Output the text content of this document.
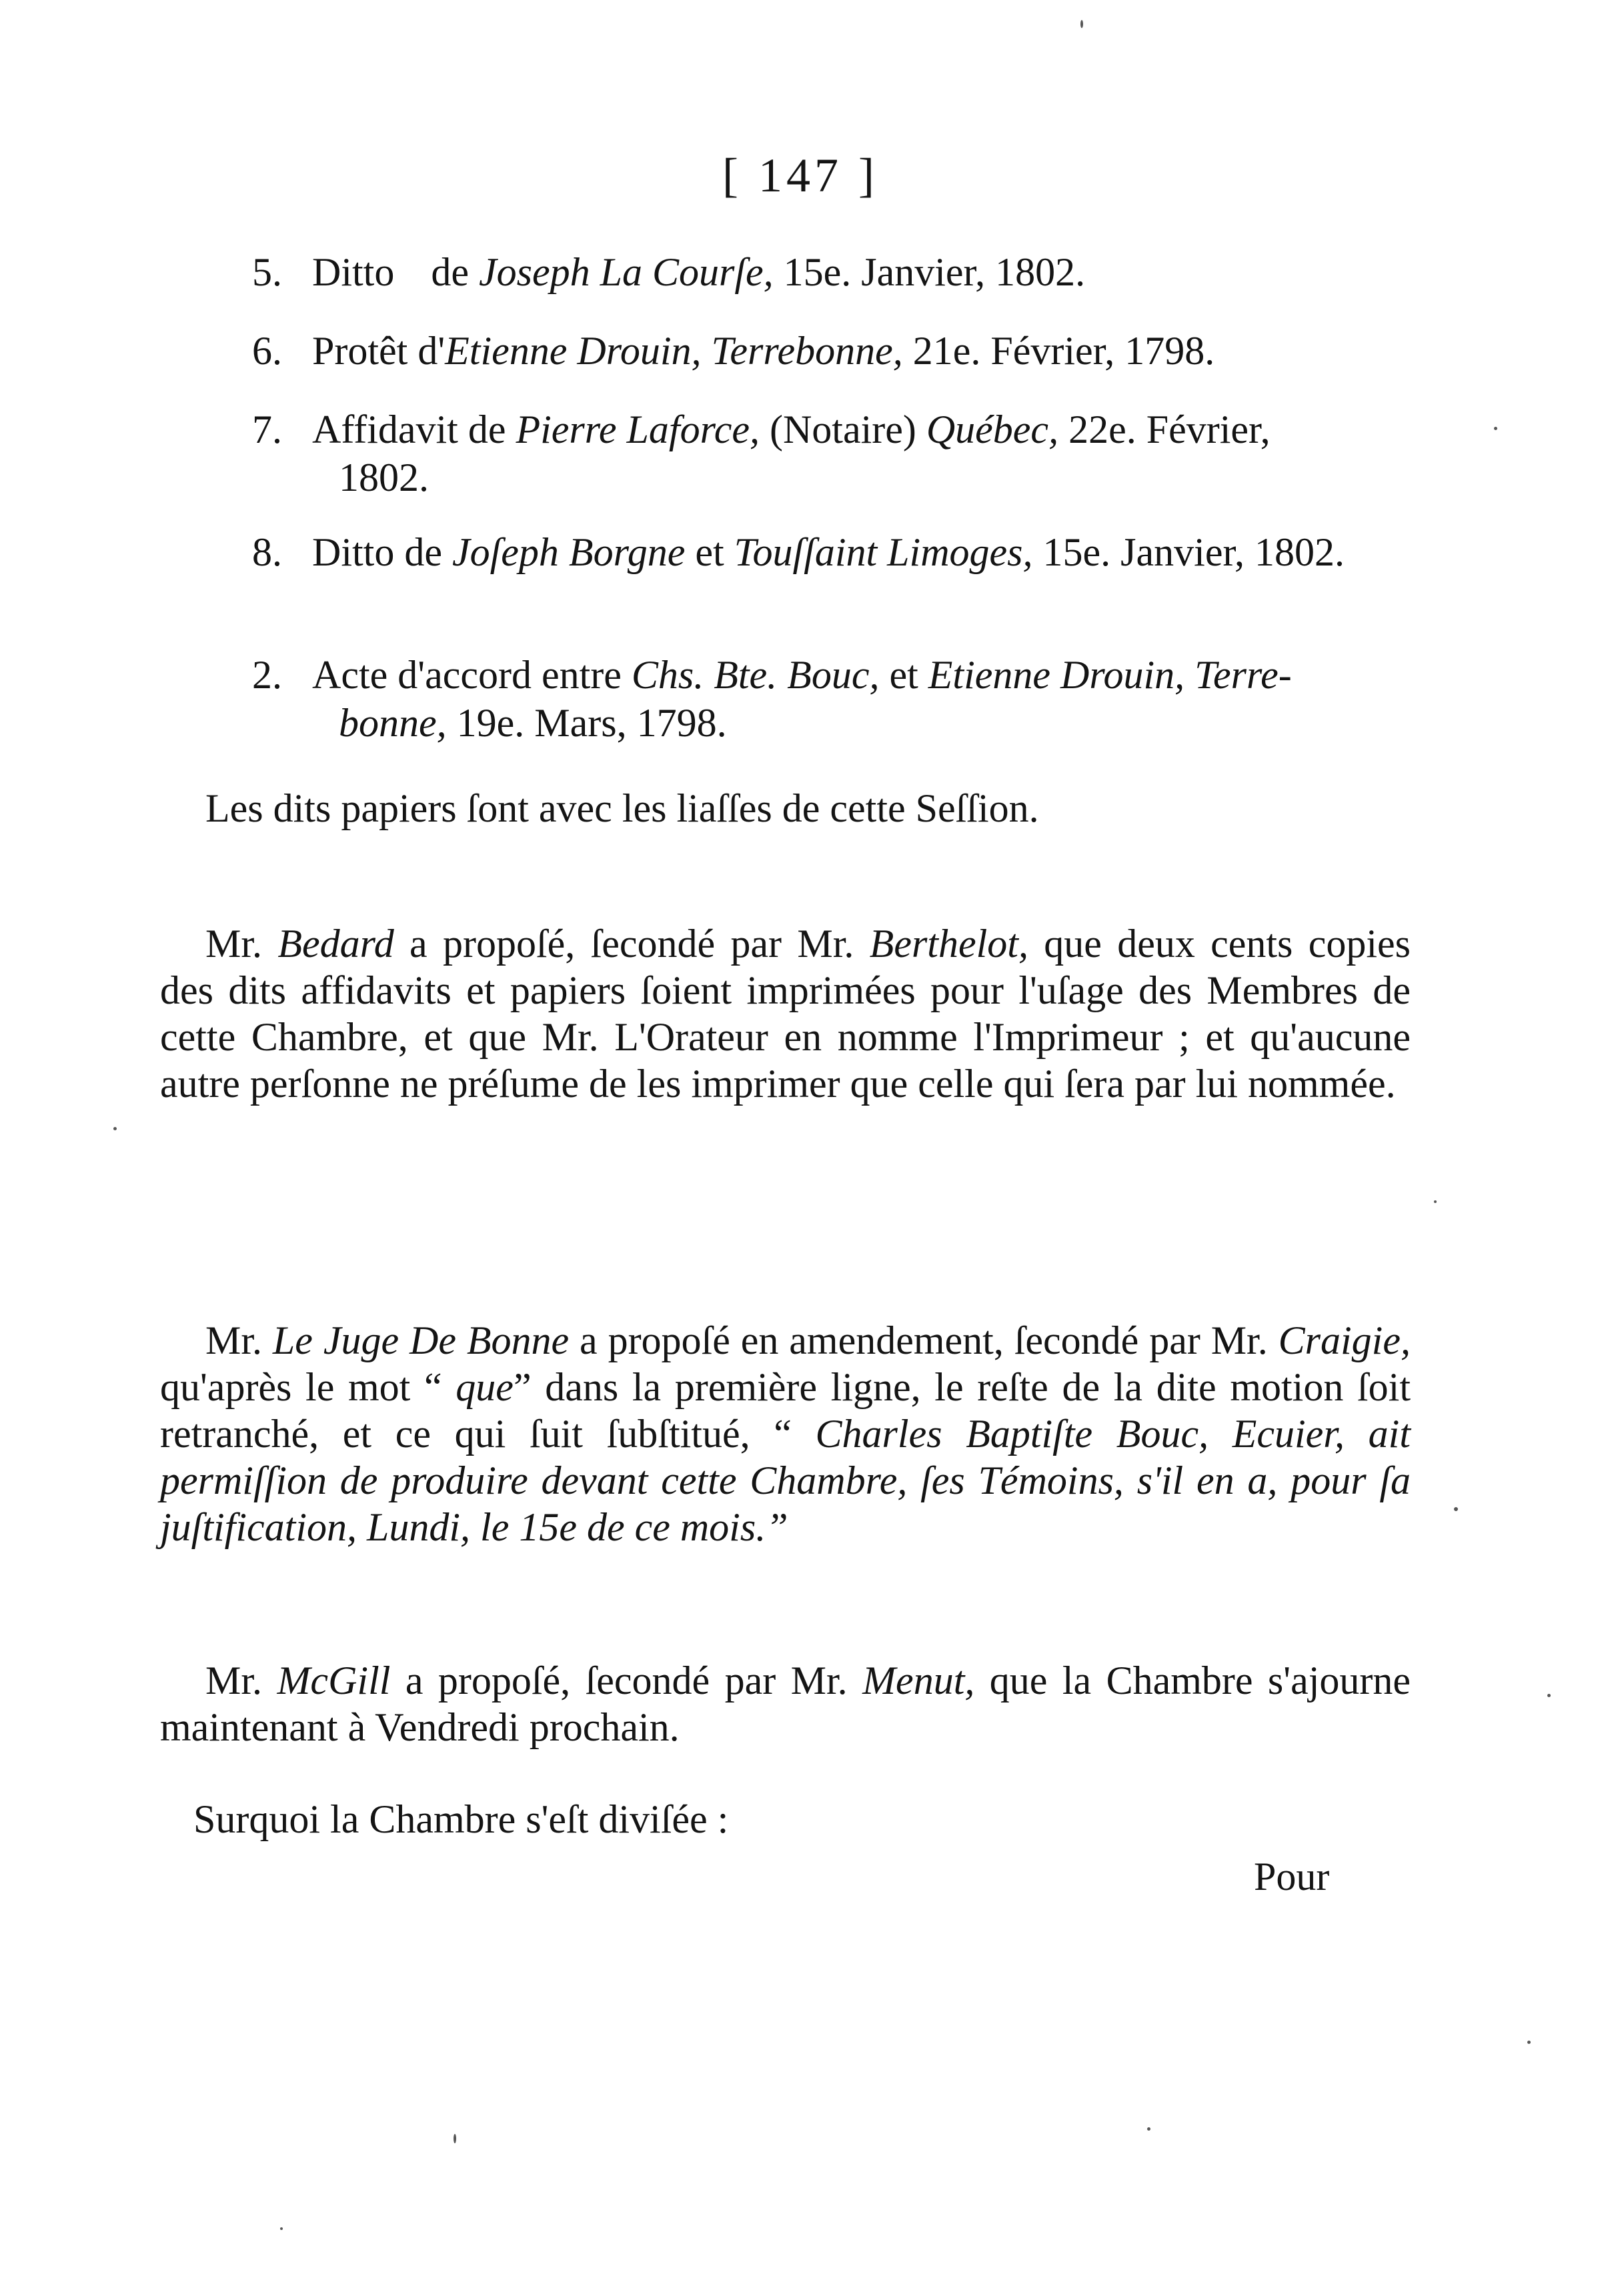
[ 147 ]
5. Ditto de Joseph La Courſe, 15e. Janvier, 1802.
6. Protêt d'Etienne Drouin, Terrebonne, 21e. Février, 1798.
7. Affidavit de Pierre Laforce, (Notaire) Québec, 22e. Février,
1802.
8. Ditto de Joſeph Borgne et Touſſaint Limoges, 15e. Janvier, 1802.
2. Acte d'accord entre Chs. Bte. Bouc, et Etienne Drouin, Terre-
bonne, 19e. Mars, 1798.
Les dits papiers ſont avec les liaſſes de cette Seſſion.
Mr. Bedard a propoſé, ſecondé par Mr. Berthelot, que deux cents copies des dits affidavits et papiers ſoient imprimées pour l'uſage des Membres de cette Chambre, et que Mr. L'Orateur en nomme l'Imprimeur ; et qu'aucune autre perſonne ne préſume de les imprimer que celle qui ſera par lui nommée.
Mr. Le Juge De Bonne a propoſé en amendement, ſecondé par Mr. Craigie, qu'après le mot “ que” dans la première ligne, le reſte de la dite motion ſoit retranché, et ce qui ſuit ſubſtitué, “ Charles Baptiſte Bouc, Ecuier, ait permiſſion de produire devant cette Chambre, ſes Témoins, s'il en a, pour ſa juſtification, Lundi, le 15e de ce mois.”
Mr. McGill a propoſé, ſecondé par Mr. Menut, que la Chambre s'ajourne maintenant à Vendredi prochain.
Surquoi la Chambre s'eſt diviſée :
Pour
